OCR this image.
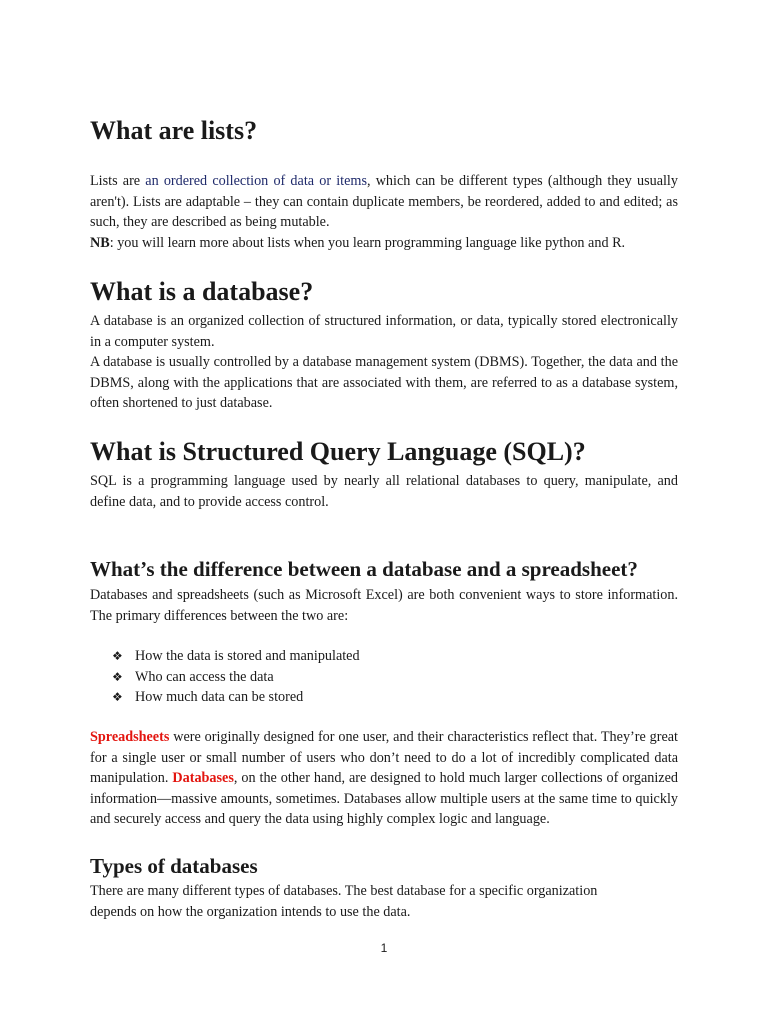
What are lists?

Lists are an ordered collection of data or items, which can be different types (although they usually aren't). Lists are adaptable – they can contain duplicate members, be reordered, added to and edited; as such, they are described as being mutable.

NB: you will learn more about lists when you learn programming language like python and R.

What is a database?

A database is an organized collection of structured information, or data, typically stored electronically in a computer system.

A database is usually controlled by a database management system (DBMS). Together, the data and the DBMS, along with the applications that are associated with them, are referred to as a database system, often shortened to just database.

What is Structured Query Language (SQL)?

SQL is a programming language used by nearly all relational databases to query, manipulate, and define data, and to provide access control.

What’s the difference between a database and a spreadsheet?

Databases and spreadsheets (such as Microsoft Excel) are both convenient ways to store information. The primary differences between the two are:

❖ How the data is stored and manipulated
❖ Who can access the data
❖ How much data can be stored

Spreadsheets were originally designed for one user, and their characteristics reflect that. They’re great for a single user or small number of users who don’t need to do a lot of incredibly complicated data manipulation. Databases, on the other hand, are designed to hold much larger collections of organized information—massive amounts, sometimes. Databases allow multiple users at the same time to quickly and securely access and query the data using highly complex logic and language.

Types of databases

There are many different types of databases. The best database for a specific organization depends on how the organization intends to use the data.

1
